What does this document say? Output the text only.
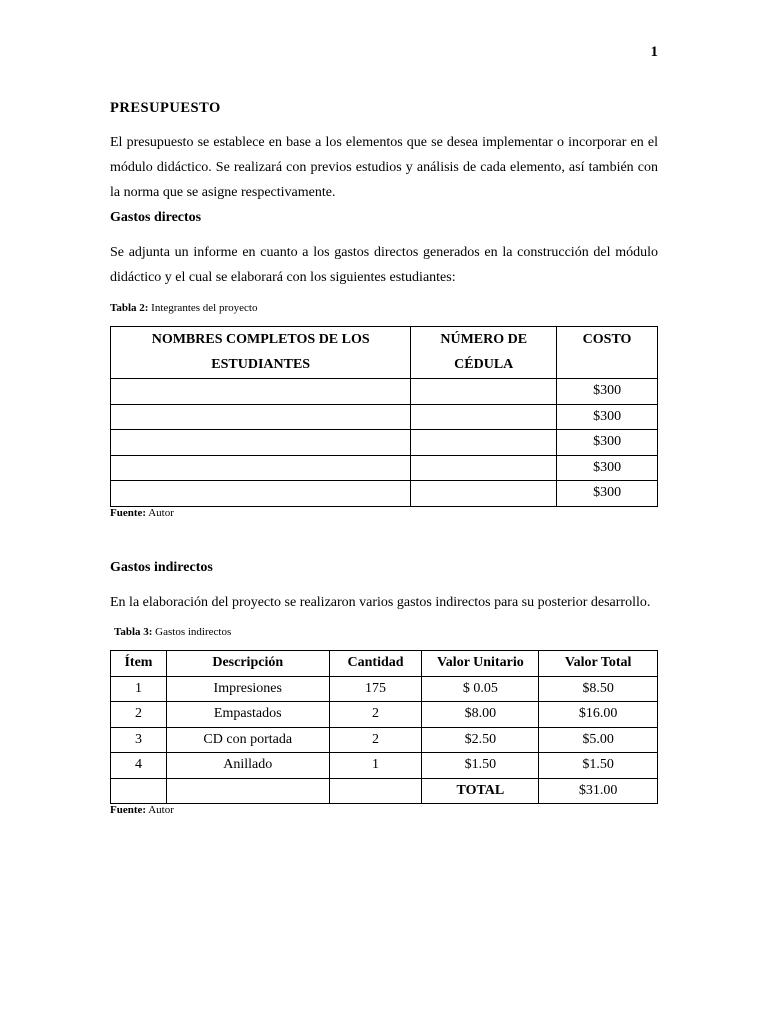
1
PRESUPUESTO

El presupuesto se establece en base a los elementos que se desea implementar o incorporar en el módulo didáctico. Se realizará con previos estudios y análisis de cada elemento, así también con la norma que se asigne respectivamente.

Gastos directos

Se adjunta un informe en cuanto a los gastos directos generados en la construcción del módulo didáctico y el cual se elaborará con los siguientes estudiantes:

Tabla 2: Integrantes del proyecto

NOMBRES COMPLETOS DE LOS ESTUDIANTES	NÚMERO DE CÉDULA	COSTO
		$300
		$300
		$300
		$300
		$300

Fuente: Autor

Gastos indirectos

En la elaboración del proyecto se realizaron varios gastos indirectos para su posterior desarrollo.

Tabla 3: Gastos indirectos

Ítem	Descripción	Cantidad	Valor Unitario	Valor Total
1	Impresiones	175	$ 0.05	$8.50
2	Empastados	2	$8.00	$16.00
3	CD con portada	2	$2.50	$5.00
4	Anillado	1	$1.50	$1.50
			TOTAL	$31.00

Fuente: Autor
